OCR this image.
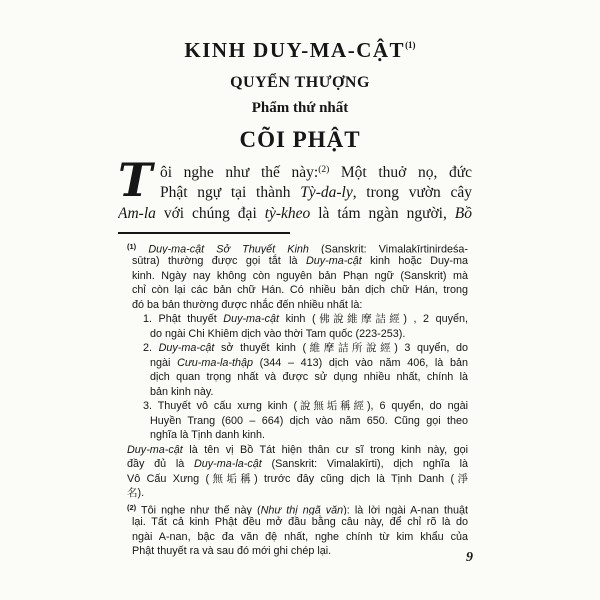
KINH DUY-MA-CẬT$^{(1)}$
QUYỂN THƯỢNG
Phẩm thứ nhất
CÕI PHẬT
T ôi nghe như thế này:$^{(2)}$ Một thuở nọ, đức
Phật ngự tại thành Tỳ-da-ly, trong vườn cây
Am-la với chúng đại tỳ-kheo là tám ngàn người, Bồ
$^{(1)}$ Duy-ma-cật Sở Thuyết Kinh (Sanskrit: Vimalakīrtinirdeśa-
sūtra) thường được gọi tắt là Duy-ma-cật kinh hoặc Duy-ma
kinh. Ngày nay không còn nguyên bản Phạn ngữ (Sanskrit) mà
chỉ còn lại các bản chữ Hán. Có nhiều bản dịch chữ Hán, trong
đó ba bản thường được nhắc đến nhiều nhất là:
1. Phật thuyết Duy-ma-cật kinh (佛說維摩詰經) , 2 quyển,
do ngài Chi Khiêm dịch vào thời Tam quốc (223-253).
2. Duy-ma-cật sở thuyết kinh (維摩詰所說經) 3 quyển, do
ngài Cưu-ma-la-thập (344 – 413) dịch vào năm 406, là bản
dịch quan trọng nhất và được sử dụng nhiều nhất, chính là
bản kinh này.
3. Thuyết vô cấu xưng kinh (說無垢稱經), 6 quyển, do ngài
Huyền Trang (600 – 664) dịch vào năm 650. Cũng gọi theo
nghĩa là Tịnh danh kinh.
Duy-ma-cật là tên vị Bồ Tát hiện thân cư sĩ trong kinh này, gọi
đầy đủ là Duy-ma-la-cật (Sanskrit: Vimalakīrti), dịch nghĩa là
Vô Cấu Xưng (無垢稱) trước đây cũng dịch là Tịnh Danh (淨
名).
$^{(2)}$ Tôi nghe như thế này (Như thị ngã văn): là lời ngài A-nan thuật
lại. Tất cả kinh Phật đều mở đầu bằng câu này, để chỉ rõ là do
ngài A-nan, bậc đa văn đệ nhất, nghe chính từ kim khẩu của
Phật thuyết ra và sau đó mới ghi chép lại.	9
